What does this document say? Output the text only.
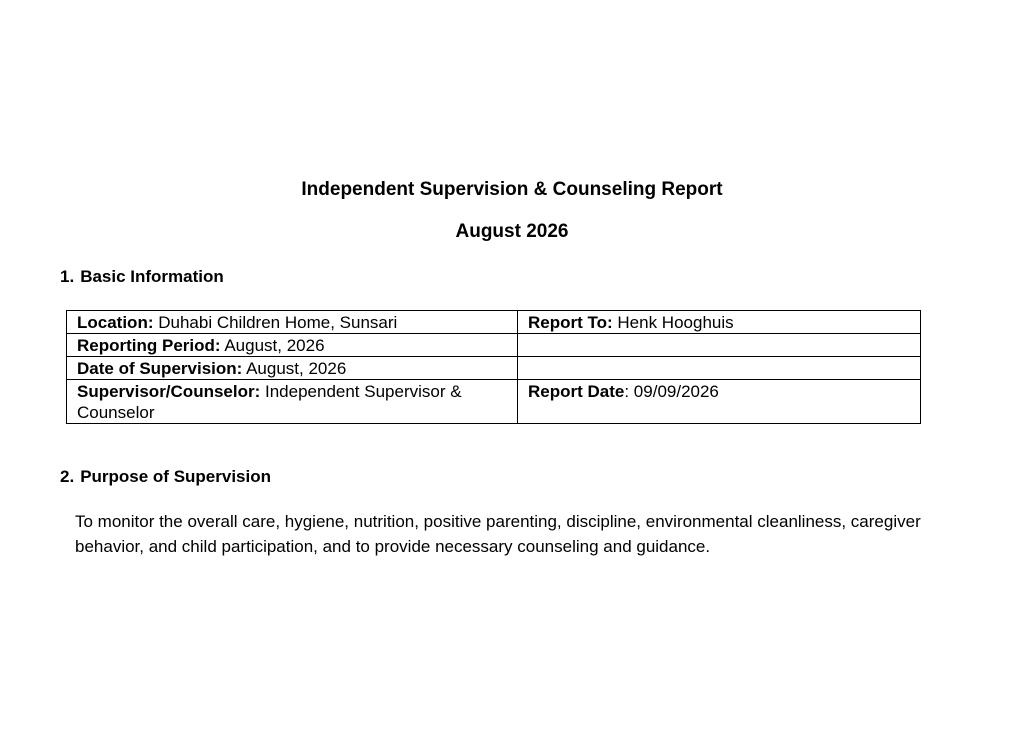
Independent Supervision & Counseling Report
August 2026
1. Basic Information
Location: Duhabi Children Home, Sunsari	Report To: Henk Hooghuis
Reporting Period: August, 2026	
Date of Supervision: August, 2026	
Supervisor/Counselor: Independent Supervisor & Counselor	Report Date: 09/09/2026
2. Purpose of Supervision

To monitor the overall care, hygiene, nutrition, positive parenting, discipline, environmental cleanliness, caregiver behavior, and child participation, and to provide necessary counseling and guidance.
